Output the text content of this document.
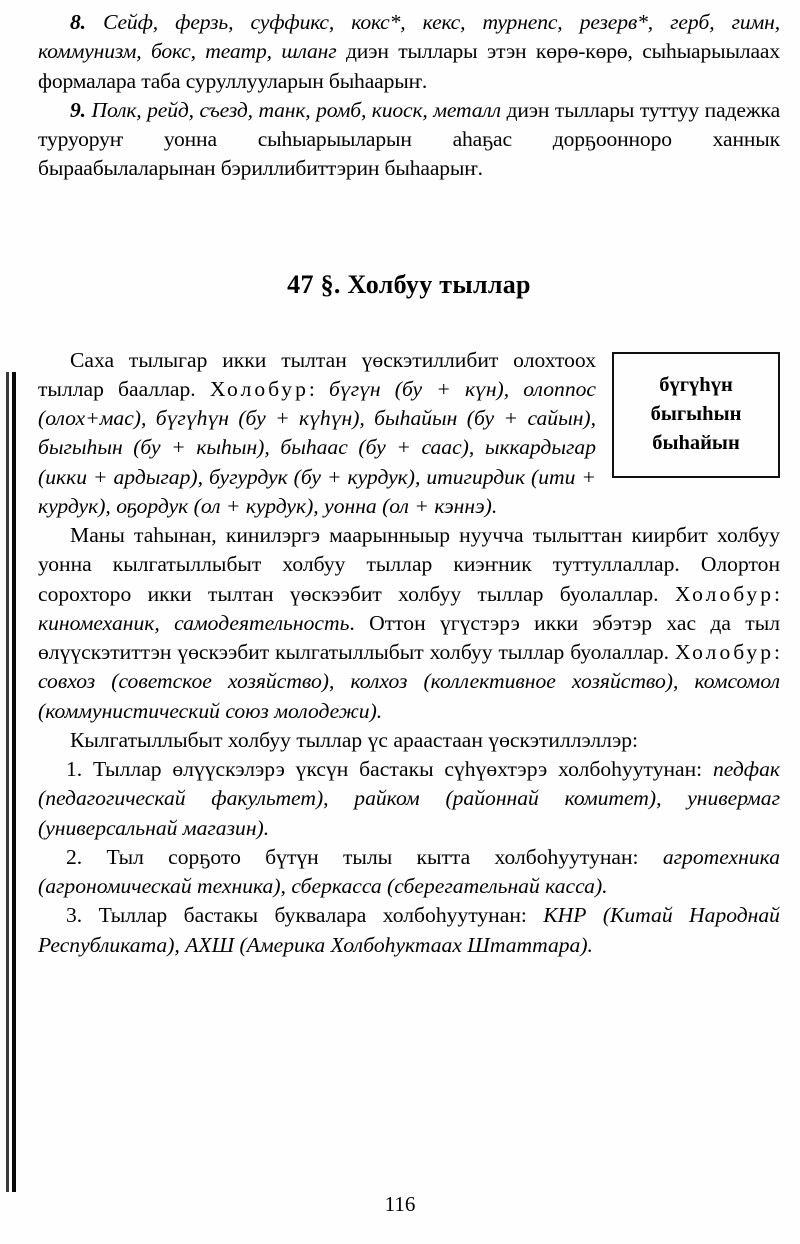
8. Сейф, ферзь, суффикс, кокс*, кекс, турнепс, резерв*, герб, гимн, коммунизм, бокс, театр, шланг диэн тыллары этэн көрө-көрө, сыһыарыылаах формалара таба суруллууларын быһаарыҥ.

9. Полк, рейд, съезд, танк, ромб, киоск, металл диэн тыллары туттуу падежка туруоруҥ уонна сыһыарыыларын аһаҕас дорҕоонноро ханнык быраабылаларынан бэриллибиттэрин быһаарыҥ.

47 §. Холбуу тыллар
бүгүһүн
быгыһын
быһайын

Саха тылыгар икки тылтан үөскэтиллибит олохтоох тыллар бааллар. Холобур: бүгүн (бу + күн), олоппос (олох+мас), бүгүһүн (бу + күһүн), быһайын (бу + сайын), быгыһын (бу + кыһын), быһаас (бу + саас), ыккардыгар (икки + ардыгар), бугурдук (бу + курдук), итигирдик (ити + курдук), оҕордук (ол + курдук), уонна (ол + кэннэ).

Маны таһынан, кинилэргэ маарынныыр нуучча тылыттан киирбит холбуу уонна кылгатыллыбыт холбуу тыллар киэҥник туттуллаллар. Олортон сорохторо икки тылтан үөскээбит холбуу тыллар буолаллар. Холобур: киномеханик, самодеятельность. Оттон үгүстэрэ икки эбэтэр хас да тыл өлүүскэтиттэн үөскээбит кылгатыллыбыт холбуу тыллар буолаллар. Холобур: совхоз (советское хозяйство), колхоз (коллективное хозяйство), комсомол (коммунистический союз молодежи).

Кылгатыллыбыт холбуу тыллар үс араастаан үөскэтиллэллэр:

1. Тыллар өлүүскэлэрэ үксүн бастакы сүһүөхтэрэ холбоһуутунан: педфак (педагогическай факультет), райком (районнай комитет), универмаг (универсальнай магазин).

2. Тыл сорҕото бүтүн тылы кытта холбоһуутунан: агротехника (агрономическай техника), сберкасса (сберегательнай касса).

3. Тыллар бастакы буквалара холбоһуутунан: КНР (Китай Народнай Республиката), АХШ (Америка Холбоһуктаах Штаттара).

116
